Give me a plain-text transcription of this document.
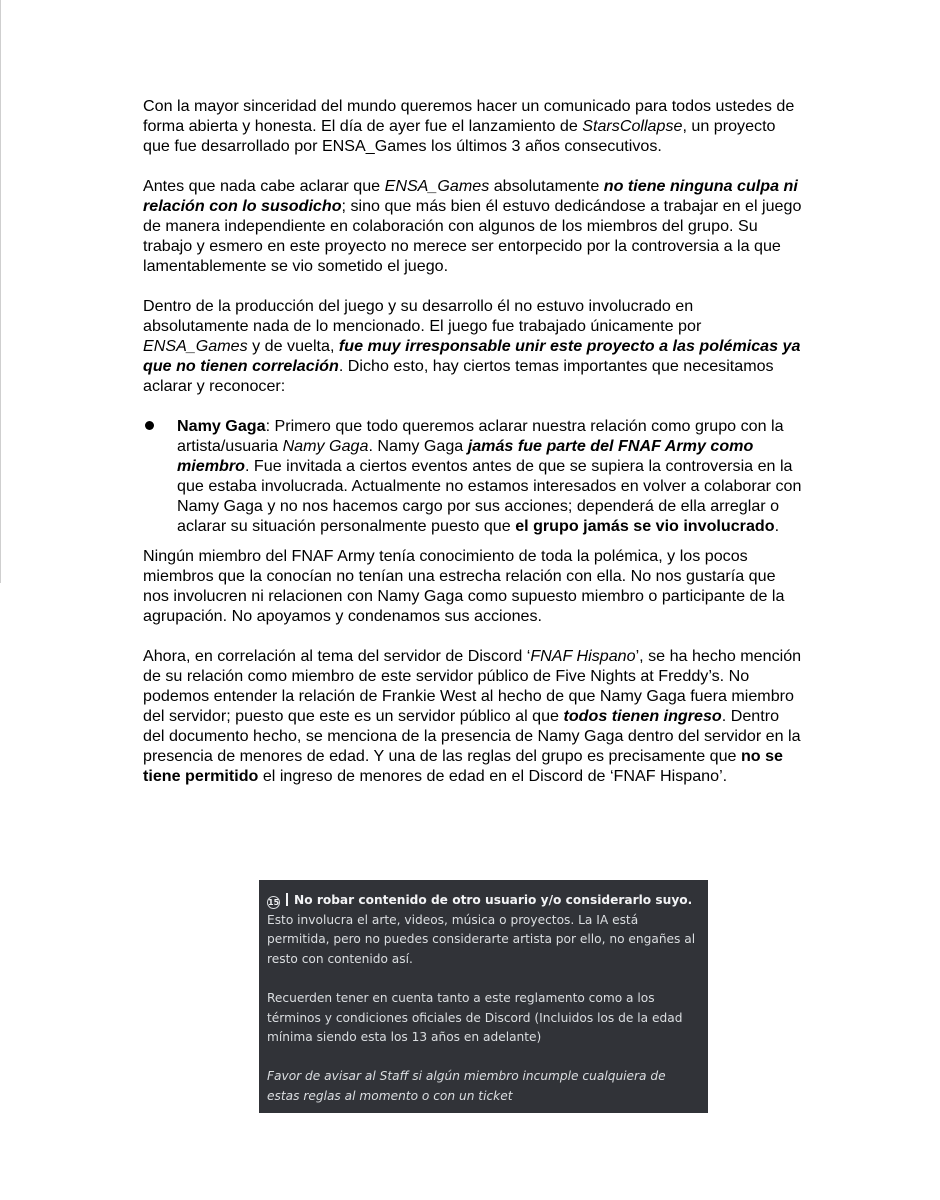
Con la mayor sinceridad del mundo queremos hacer un comunicado para todos ustedes de forma abierta y honesta. El día de ayer fue el lanzamiento de StarsCollapse, un proyecto que fue desarrollado por ENSA_Games los últimos 3 años consecutivos.

Antes que nada cabe aclarar que ENSA_Games absolutamente no tiene ninguna culpa ni relación con lo susodicho; sino que más bien él estuvo dedicándose a trabajar en el juego de manera independiente en colaboración con algunos de los miembros del grupo. Su trabajo y esmero en este proyecto no merece ser entorpecido por la controversia a la que lamentablemente se vio sometido el juego.

Dentro de la producción del juego y su desarrollo él no estuvo involucrado en absolutamente nada de lo mencionado. El juego fue trabajado únicamente por ENSA_Games y de vuelta, fue muy irresponsable unir este proyecto a las polémicas ya que no tienen correlación. Dicho esto, hay ciertos temas importantes que necesitamos aclarar y reconocer:

Namy Gaga: Primero que todo queremos aclarar nuestra relación como grupo con la artista/usuaria Namy Gaga. Namy Gaga jamás fue parte del FNAF Army como miembro. Fue invitada a ciertos eventos antes de que se supiera la controversia en la que estaba involucrada. Actualmente no estamos interesados en volver a colaborar con Namy Gaga y no nos hacemos cargo por sus acciones; dependerá de ella arreglar o aclarar su situación personalmente puesto que el grupo jamás se vio involucrado.

Ningún miembro del FNAF Army tenía conocimiento de toda la polémica, y los pocos miembros que la conocían no tenían una estrecha relación con ella. No nos gustaría que nos involucren ni relacionen con Namy Gaga como supuesto miembro o participante de la agrupación. No apoyamos y condenamos sus acciones.

Ahora, en correlación al tema del servidor de Discord ‘FNAF Hispano’, se ha hecho mención de su relación como miembro de este servidor público de Five Nights at Freddy’s. No podemos entender la relación de Frankie West al hecho de que Namy Gaga fuera miembro del servidor; puesto que este es un servidor público al que todos tienen ingreso. Dentro del documento hecho, se menciona de la presencia de Namy Gaga dentro del servidor en la presencia de menores de edad. Y una de las reglas del grupo es precisamente que no se tiene permitido el ingreso de menores de edad en el Discord de ‘FNAF Hispano’.

15 No robar contenido de otro usuario y/o considerarlo suyo.
Esto involucra el arte, videos, música o proyectos. La IA está permitida, pero no puedes considerarte artista por ello, no engañes al resto con contenido así.

Recuerden tener en cuenta tanto a este reglamento como a los términos y condiciones oficiales de Discord (Incluidos los de la edad mínima siendo esta los 13 años en adelante)

Favor de avisar al Staff si algún miembro incumple cualquiera de estas reglas al momento o con un ticket
